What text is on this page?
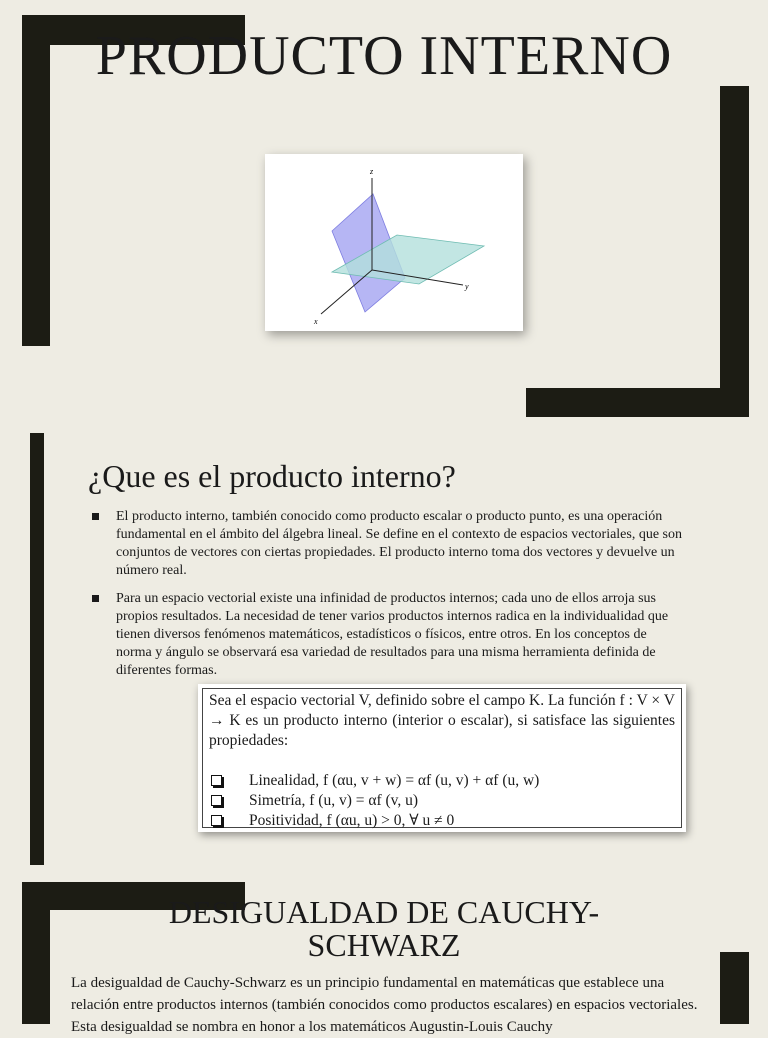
PRODUCTO INTERNO
z
y
x
¿Que es el producto interno?
El producto interno, también conocido como producto escalar o producto punto, es una operación fundamental en el ámbito del álgebra lineal. Se define en el contexto de espacios vectoriales, que son conjuntos de vectores con ciertas propiedades. El producto interno toma dos vectores y devuelve un número real.
Para un espacio vectorial existe una infinidad de productos internos; cada uno de ellos arroja sus propios resultados. La necesidad de tener varios productos internos radica en la individualidad que tienen diversos fenómenos matemáticos, estadísticos o físicos, entre otros. En los conceptos de norma y ángulo se observará esa variedad de resultados para una misma herramienta definida de diferentes formas.

Sea el espacio vectorial V, definido sobre el campo K. La función f : V × V → K es un producto interno (interior o escalar), si satisface las siguientes propiedades:

Linealidad, f (αu, v + w) = αf (u, v) + αf (u, w)
Simetría, f (u, v) = αf (v, u)
Positividad, f (αu, u) > 0, ∀ u ≠ 0
DESIGUALDAD DE CAUCHY-SCHWARZ

La desigualdad de Cauchy-Schwarz es un principio fundamental en matemáticas que establece una relación entre productos internos (también conocidos como productos escalares) en espacios vectoriales. Esta desigualdad se nombra en honor a los matemáticos Augustin-Louis Cauchy
